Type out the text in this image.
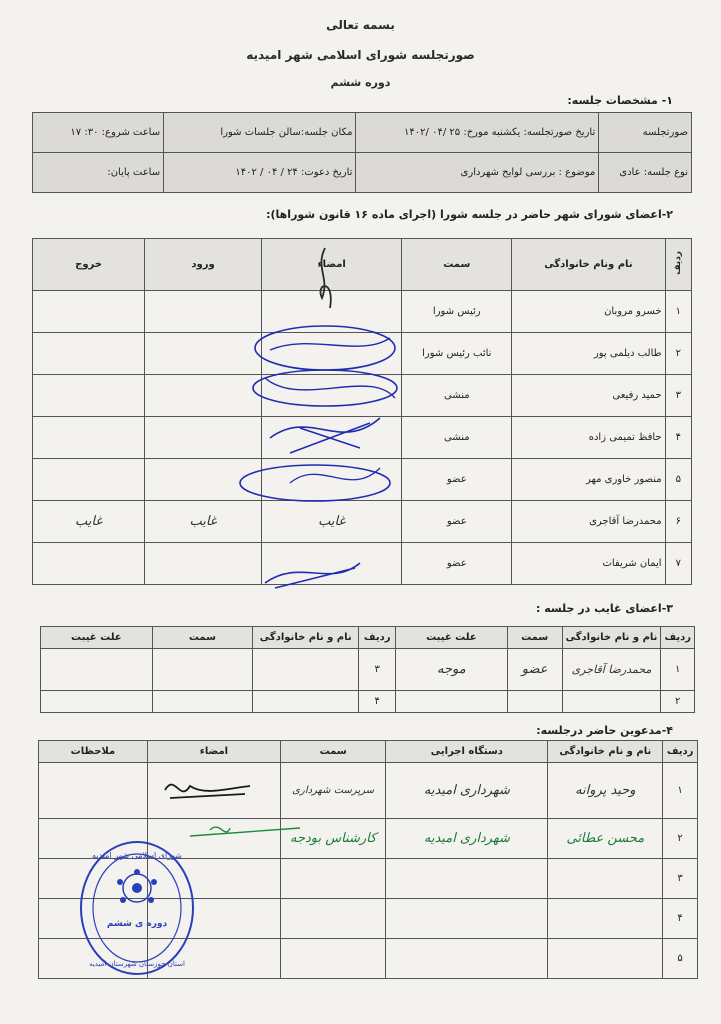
بسمه تعالی
صورتجلسه شورای اسلامی شهر امیدیه
دوره ششم
۱- مشخصات جلسه:
صورتجلسه	تاریخ صورتجلسه: یکشنبه مورخ: ۲۵ /۰۴ /۱۴۰۲	مکان جلسه:سالن جلسات شورا	ساعت شروع: ۳۰: ۱۷
نوع جلسه: عادی	موضوع : بررسی لوایح شهرداری	تاریخ دعوت: ۲۴ / ۰۴ / ۱۴۰۲	ساعت پایان:
۲-اعضای شورای شهر حاضر در جلسه شورا (اجرای ماده ۱۶ قانون شوراها):
ردیف	نام ونام خانوادگی	سمت	امضاء	ورود	خروج
۱	خسرو مروبان	رئیس شورا			
۲	طالب دیلمی پور	نائب رئیس شورا			
۳	حمید رفیعی	منشی			
۴	حافظ تمیمی زاده	منشی			
۵	منصور خاوری مهر	عضو			
۶	محمدرضا آقاجری	عضو	غایب	غایب	غایب
۷	ایمان شریفات	عضو			
۳-اعضای غایب در جلسه :
ردیف	نام و نام خانوادگی	سمت	علت غیبت	ردیف	نام و نام خانوادگی	سمت	علت غیبت
۱	محمدرضا آقاجری	عضو	موجه	۳			
۲				۴			
۴-مدعوین حاضر درجلسه:
ردیف	نام و نام خانوادگی	دستگاه اجرایی	سمت	امضاء	ملاحظات
۱	وحید پروانه	شهرداری امیدیه	سرپرست شهرداری		
۲	محسن عطائی	شهرداری امیدیه	کارشناس بودجه		
۳					
۴					
۵					
شورای اسلامی شهر امیدیه
دوره ی ششم
استان خوزستان شهرستان امیدیه
